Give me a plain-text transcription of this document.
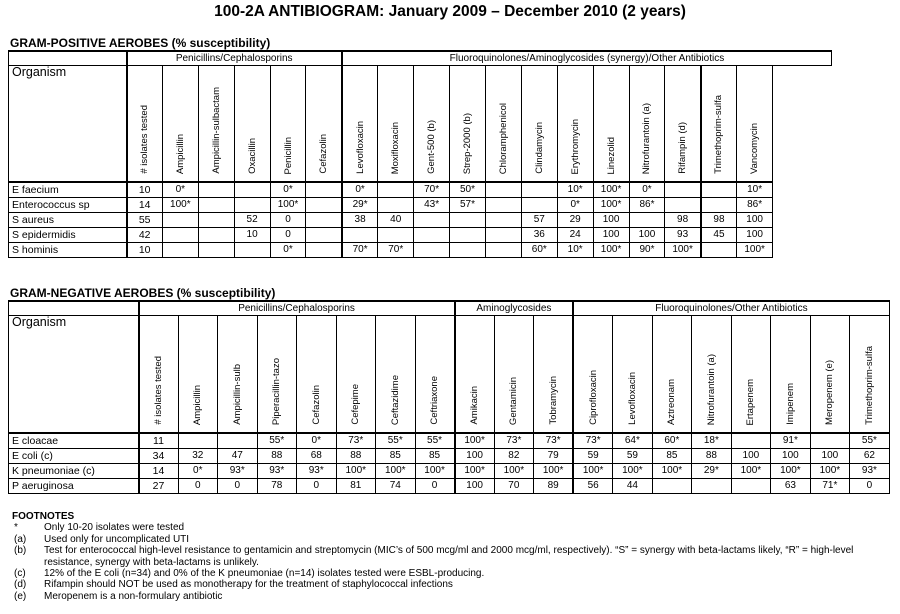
100-2A ANTIBIOGRAM: January 2009 – December 2010 (2 years)
GRAM-POSITIVE AEROBES (% susceptibility)
	Penicillins/Cephalosporins						Fluoroquinolones/Aminoglycosides (synergy)/Other Antibiotics											
Organism	# isolates tested	Ampicillin	Ampicillin-sulbactam	Oxacillin	Penicillin	Cefazolin	Levofloxacin	Moxifloxacin	Gent-500 (b)	Strep-2000 (b)	Chloramphenicol	Clindamycin	Erythromycin	Linezolid	Nitrofurantoin (a)	Rifampin (d)	Trimethoprim-sulfa	Vancomycin
E faecium	10	0*			0*		0*		70*	50*			10*	100*	0*			10*
Enterococcus sp	14	100*			100*		29*		43*	57*			0*	100*	86*			86*
S aureus	55			52	0		38	40				57	29	100		98	98	100
S epidermidis	42			10	0							36	24	100	100	93	45	100
S hominis	10				0*		70*	70*				60*	10*	100*	90*	100*		100*
GRAM-NEGATIVE AEROBES (% susceptibility)
	Penicillins/Cephalosporins								Aminoglycosides			Fluoroquinolones/Other Antibiotics							
Organism	# isolates tested	Ampicillin	Ampicillin-sulb	Piperacillin-tazo	Cefazolin	Cefepime	Ceftazidime	Ceftriaxone	Amikacin	Gentamicin	Tobramycin	Ciprofloxacin	Levofloxacin	Aztreonam	Nitrofurantoin (a)	Ertapenem	Imipenem	Meropenem (e)	Trimethoprim-sulfa
E cloacae	11			55*	0*	73*	55*	55*	100*	73*	73*	73*	64*	60*	18*		91*		55*
E coli (c)	34	32	47	88	68	88	85	85	100	82	79	59	59	85	88	100	100	100	62
K pneumoniae (c)	14	0*	93*	93*	93*	100*	100*	100*	100*	100*	100*	100*	100*	100*	29*	100*	100*	100*	93*
P aeruginosa	27	0	0	78	0	81	74	0	100	70	89	56	44				63	71*	0
FOOTNOTES
*	Only 10-20 isolates were tested
(a)	Used only for uncomplicated UTI
(b)	Test for enterococcal high-level resistance to gentamicin and streptomycin (MIC’s of 500 mcg/ml and 2000 mcg/ml, respectively). “S” = synergy with beta-lactams likely, “R” = high-level resistance, synergy with beta-lactams is unlikely.
(c)	12% of the E coli (n=34) and 0% of the K pneumoniae (n=14) isolates tested were ESBL-producing.
(d)	Rifampin should NOT be used as monotherapy for the treatment of staphylococcal infections
(e)	Meropenem is a non-formulary antibiotic
